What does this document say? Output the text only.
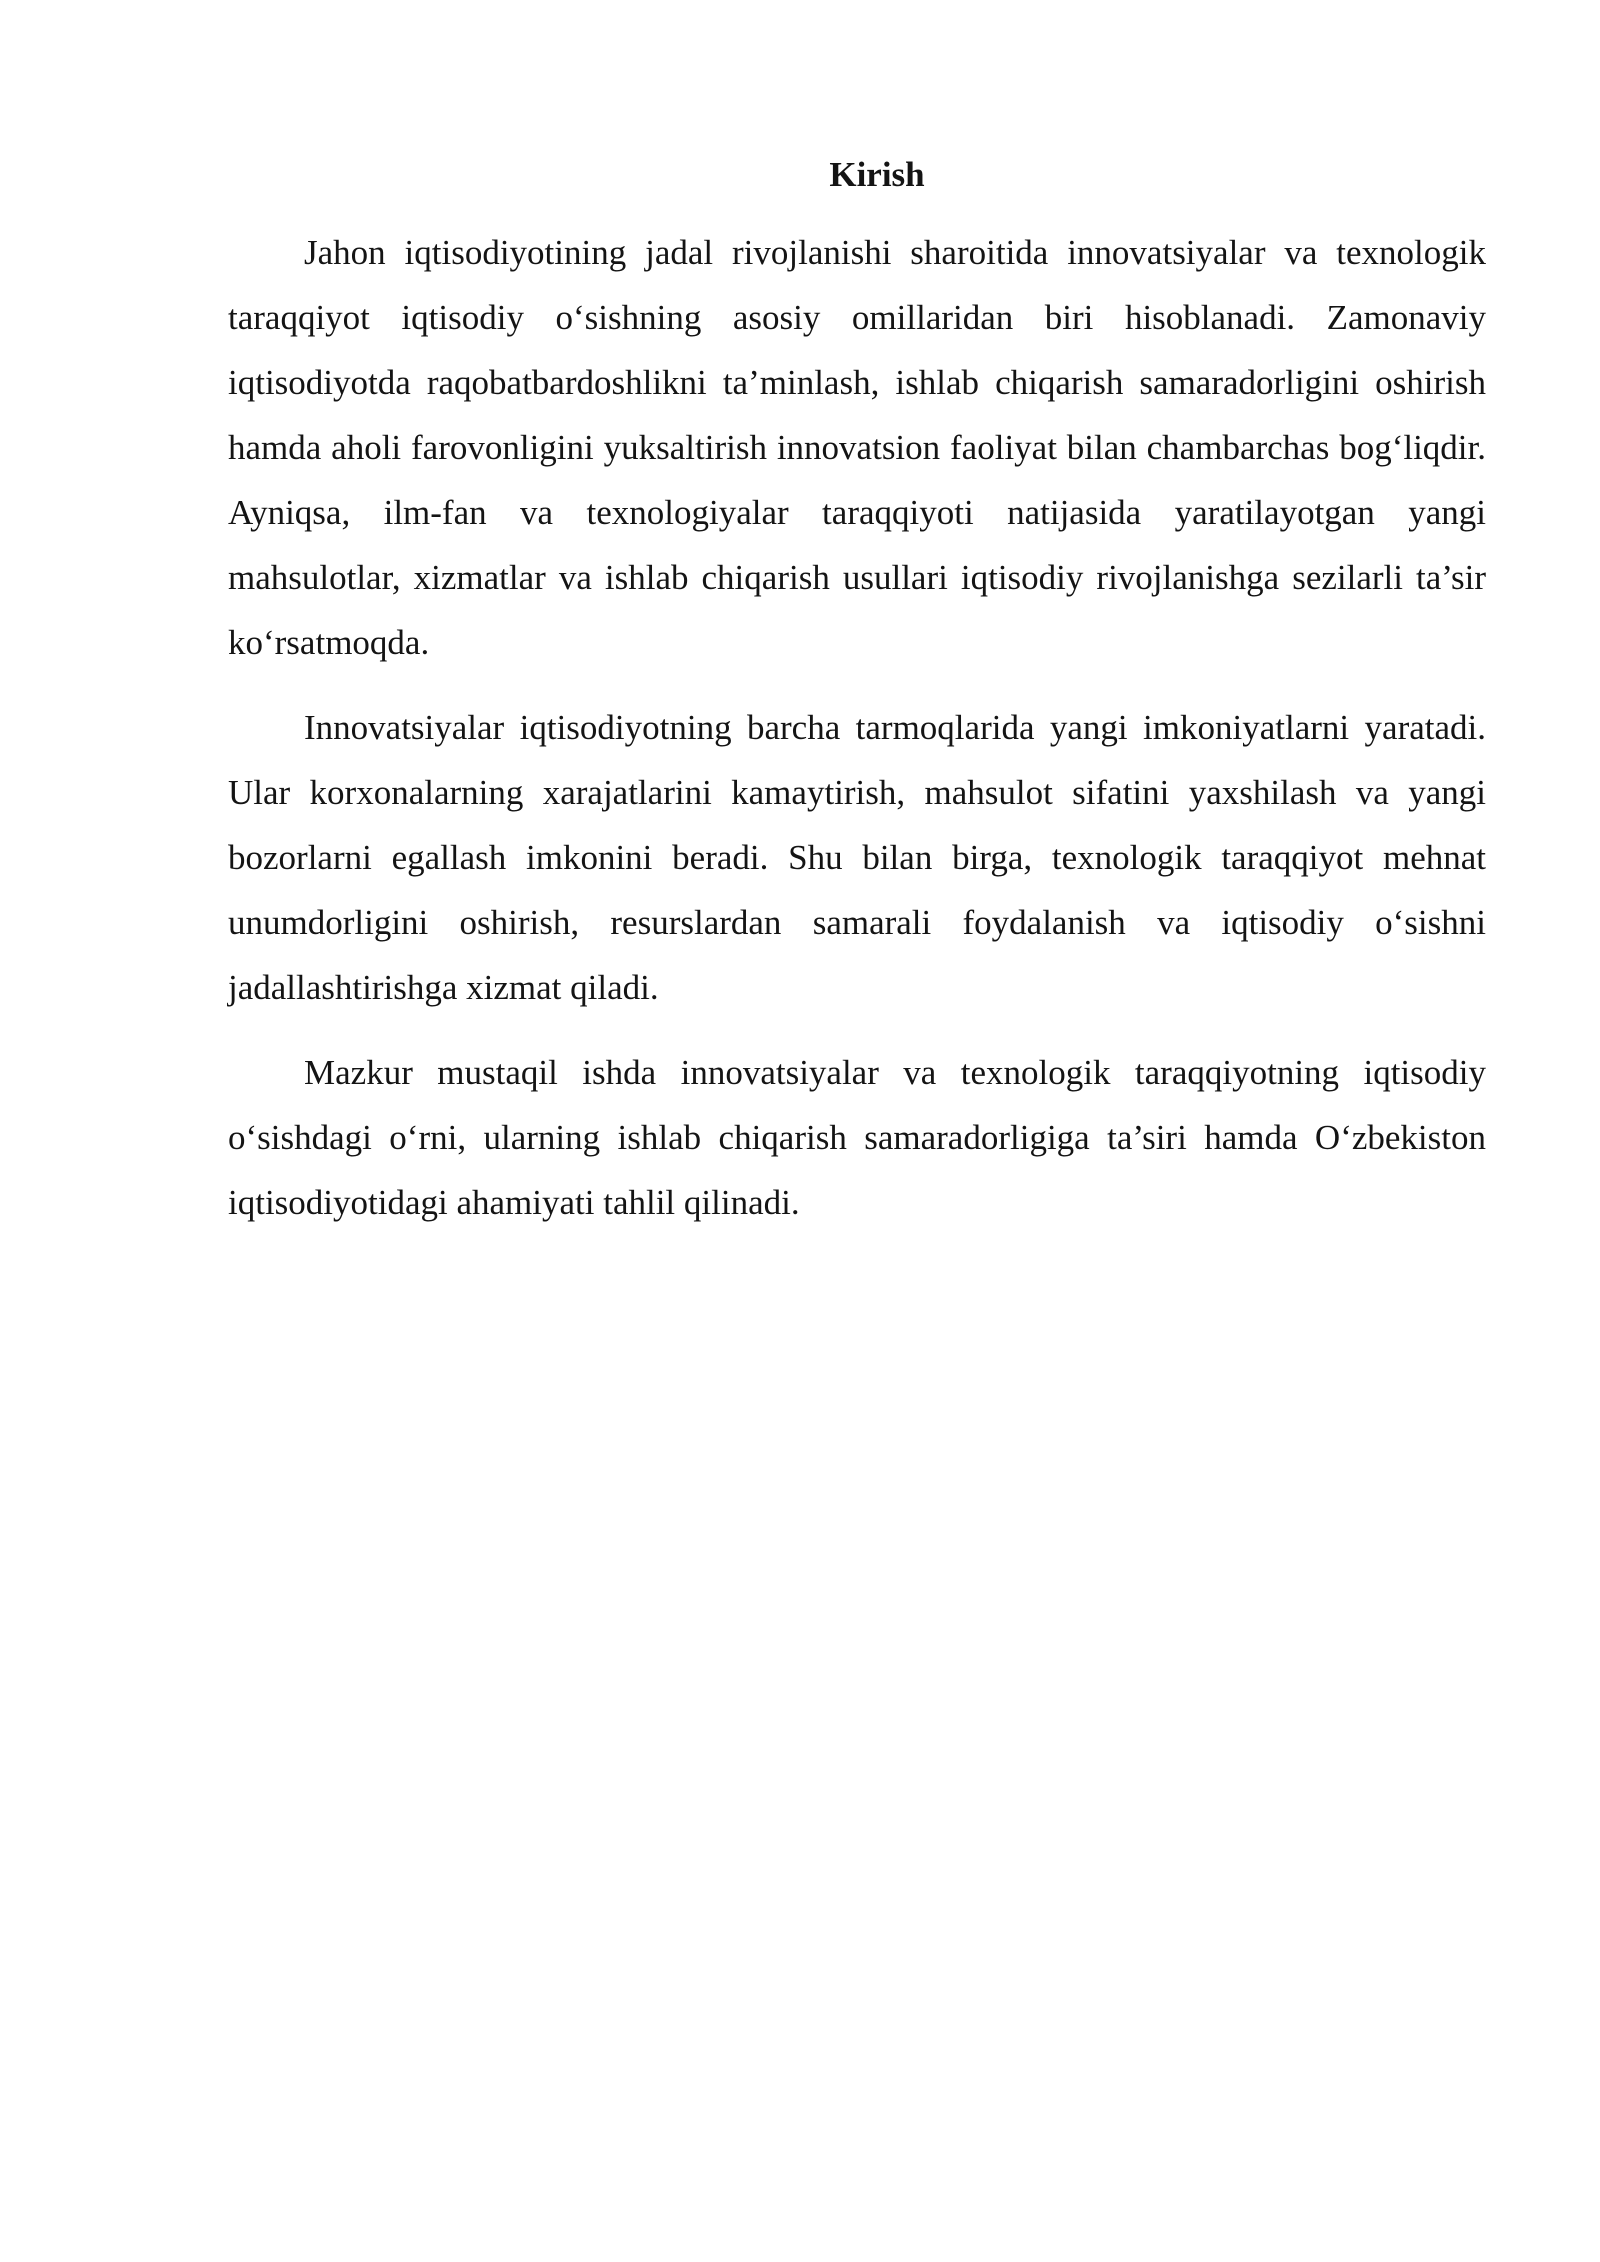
Kirish

Jahon iqtisodiyotining jadal rivojlanishi sharoitida innovatsiyalar va texnologik taraqqiyot iqtisodiy o‘sishning asosiy omillaridan biri hisoblanadi. Zamonaviy iqtisodiyotda raqobatbardoshlikni ta’minlash, ishlab chiqarish samaradorligini oshirish hamda aholi farovonligini yuksaltirish innovatsion faoliyat bilan chambarchas bog‘liqdir. Ayniqsa, ilm-fan va texnologiyalar taraqqiyoti natijasida yaratilayotgan yangi mahsulotlar, xizmatlar va ishlab chiqarish usullari iqtisodiy rivojlanishga sezilarli ta’sir ko‘rsatmoqda.

Innovatsiyalar iqtisodiyotning barcha tarmoqlarida yangi imkoniyatlarni yaratadi. Ular korxonalarning xarajatlarini kamaytirish, mahsulot sifatini yaxshilash va yangi bozorlarni egallash imkonini beradi. Shu bilan birga, texnologik taraqqiyot mehnat unumdorligini oshirish, resurslardan samarali foydalanish va iqtisodiy o‘sishni jadallashtirishga xizmat qiladi.

Mazkur mustaqil ishda innovatsiyalar va texnologik taraqqiyotning iqtisodiy o‘sishdagi o‘rni, ularning ishlab chiqarish samaradorligiga ta’siri hamda O‘zbekiston iqtisodiyotidagi ahamiyati tahlil qilinadi.
